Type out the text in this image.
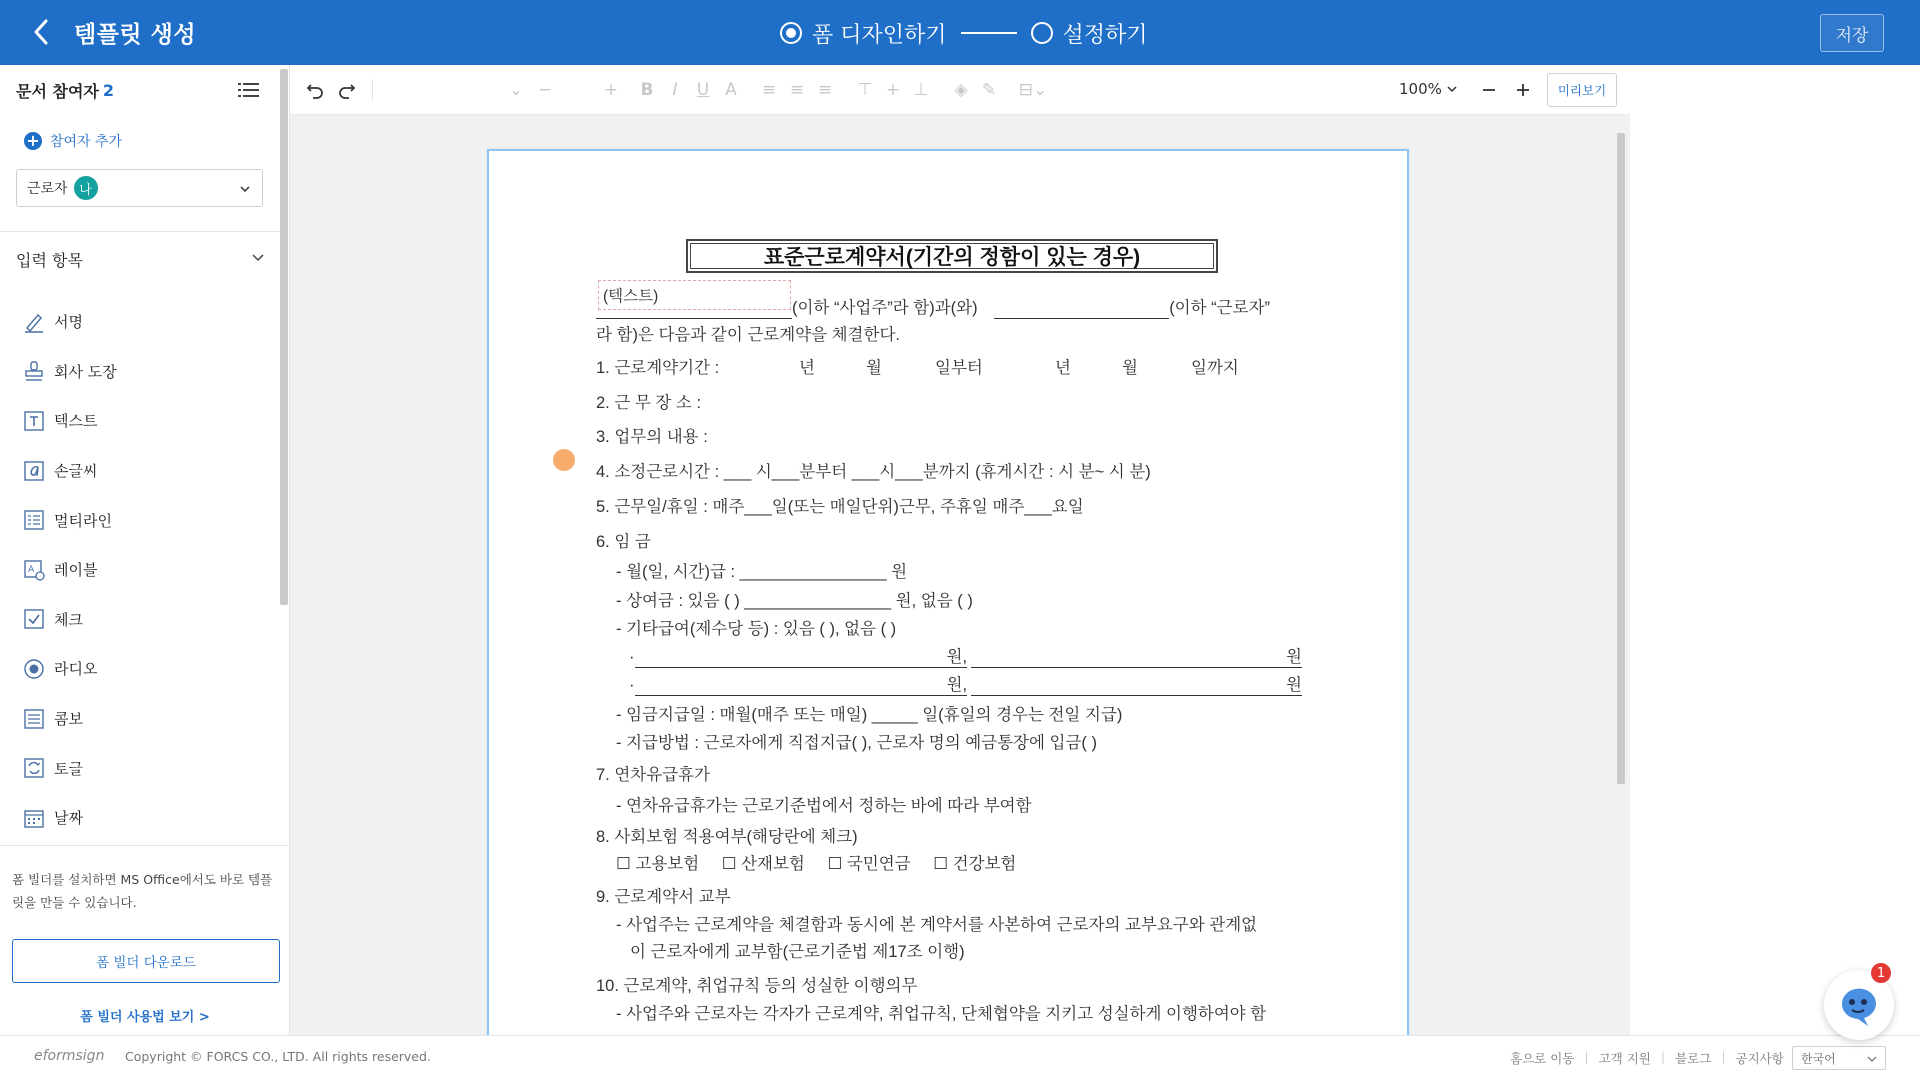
템플릿 생성	폼 디자인하기	설정하기	저장
문서 참여자 2
+ 참여자 추가
근로자 나
입력 항목
서명
회사 도장
텍스트
손글씨
멀티라인
A 레이블
체크
라디오
콤보
토글
날짜
폼 빌더를 설치하면 MS Office에서도 바로 템플릿을 만들 수 있습니다.
폼 빌더 다운로드
폼 빌더 사용법 보기 >
⌄ −	+ B	I	U A	≡ ≡ ≡ ⊤ + ⊥ ◈ ✎ ⊟⌄	100%	미리보기
표준근로계약서(기간의 정함이 있는 경우)
(텍스트)
(이하 “사업주”라 함)과(와)	(이하 “근로자”
라 함)은 다음과 같이 근로계약을 체결한다.
1. 근로계약기간 :	년	월	일부터	년	월	일까지
2. 근 무 장 소 :
3. 업무의 내용 :
4. 소정근로시간 : ___ 시___분부터 ___시___분까지 (휴게시간 : 시 분~ 시 분)
5. 근무일/휴일 : 매주___일(또는 매일단위)근무, 주휴일 매주___요일
6. 임 금
- 월(일, 시간)급 : ________________ 원
- 상여금 : 있음 ( ) ________________ 원, 없음 ( )
- 기타급여(제수당 등) : 있음 ( ), 없음 ( )
·	원,	원
·	원,	원
- 임금지급일 : 매월(매주 또는 매일) _____ 일(휴일의 경우는 전일 지급)
- 지급방법 : 근로자에게 직접지급( ), 근로자 명의 예금통장에 입금( )
7. 연차유급휴가
- 연차유급휴가는 근로기준법에서 정하는 바에 따라 부여함
8. 사회보험 적용여부(해당란에 체크)
☐ 고용보험 ☐ 산재보험 ☐ 국민연금 ☐ 건강보험
9. 근로계약서 교부
- 사업주는 근로계약을 체결함과 동시에 본 계약서를 사본하여 근로자의 교부요구와 관계없
이 근로자에게 교부함(근로기준법 제17조 이행)
10. 근로계약, 취업규칙 등의 성실한 이행의무
- 사업주와 근로자는 각자가 근로계약, 취업규칙, 단체협약을 지키고 성실하게 이행하여야 함
eformsign Copyright © FORCS CO., LTD. All rights reserved.	홈으로 이동 | 고객 지원 | 블로그 | 공지사항 한국어
1
